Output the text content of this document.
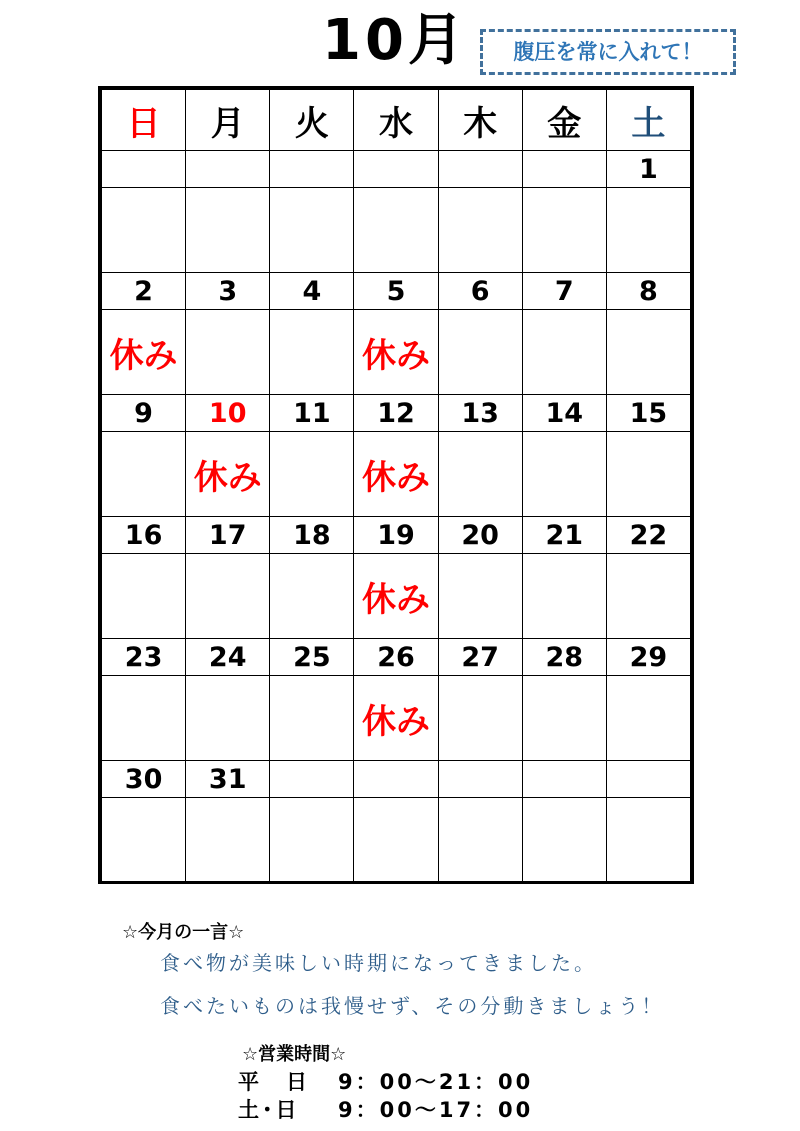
10月	腹圧を常に入れて！
日	月	火	水	木	金	土
						1

2	3	4	5	6	7	8
休み			休み			
9	10	11	12	13	14	15
	休み		休み			
16	17	18	19	20	21	22
			休み			
23	24	25	26	27	28	29
			休み			
30	31					

☆今月の一言☆
食べ物が美味しい時期になってきました。
食べたいものは我慢せず、その分動きましょう！
☆営業時間☆
平　日 9：00〜21：00
土･日 9：00〜17：00
